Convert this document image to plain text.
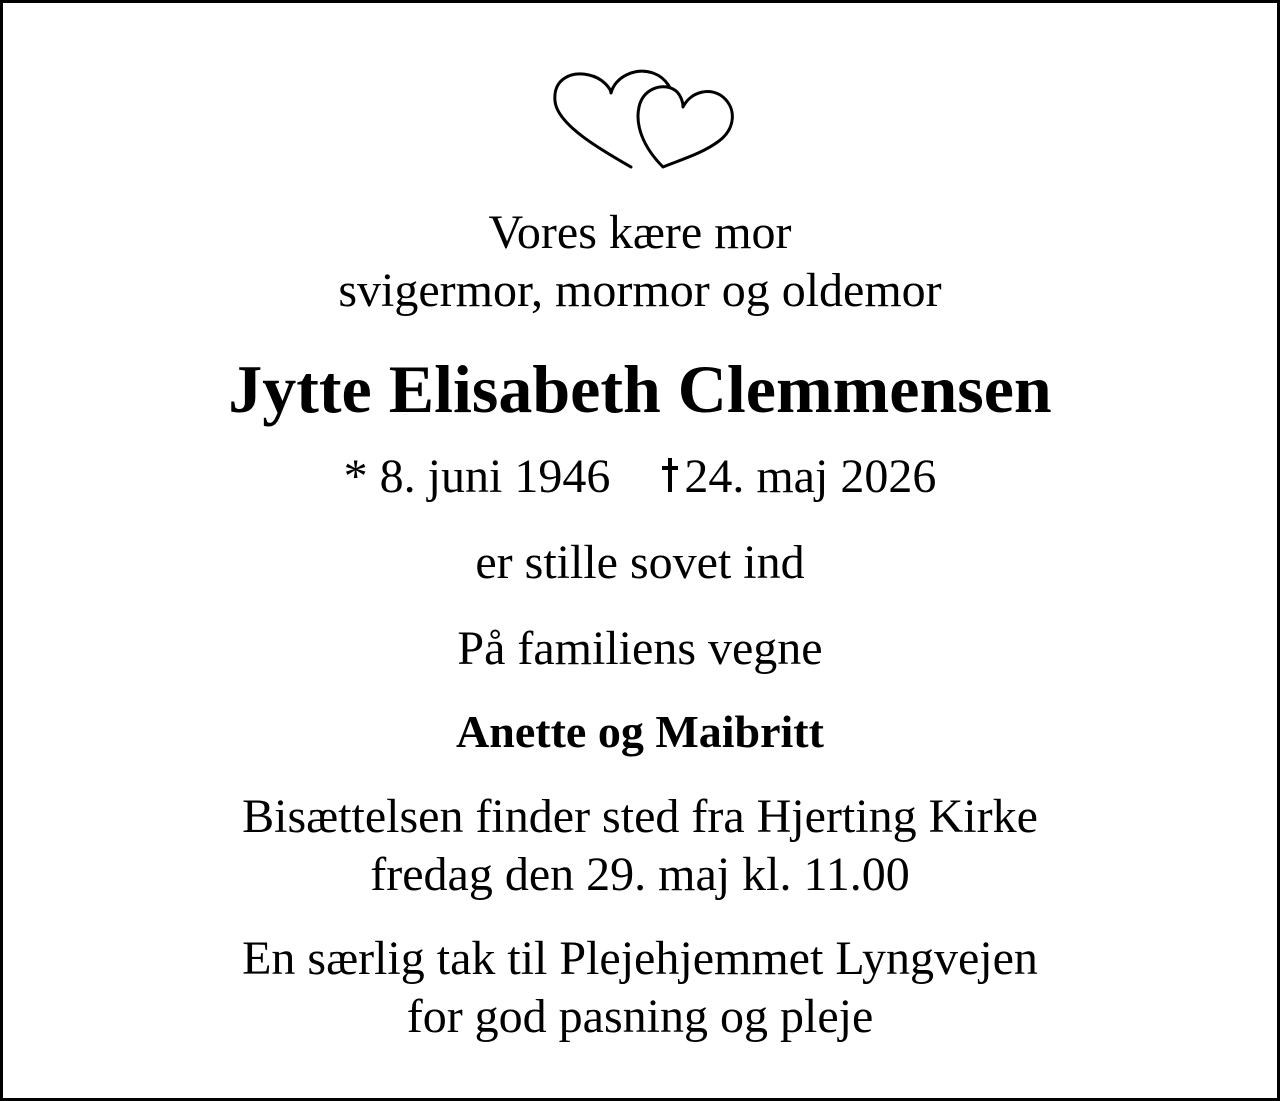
Vores kære mor
svigermor, mormor og oldemor
Jytte Elisabeth Clemmensen
* 8. juni 1946 24. maj 2026
er stille sovet ind
På familiens vegne
Anette og Maibritt
Bisættelsen finder sted fra Hjerting Kirke
fredag den 29. maj kl. 11.00
En særlig tak til Plejehjemmet Lyngvejen
for god pasning og pleje
